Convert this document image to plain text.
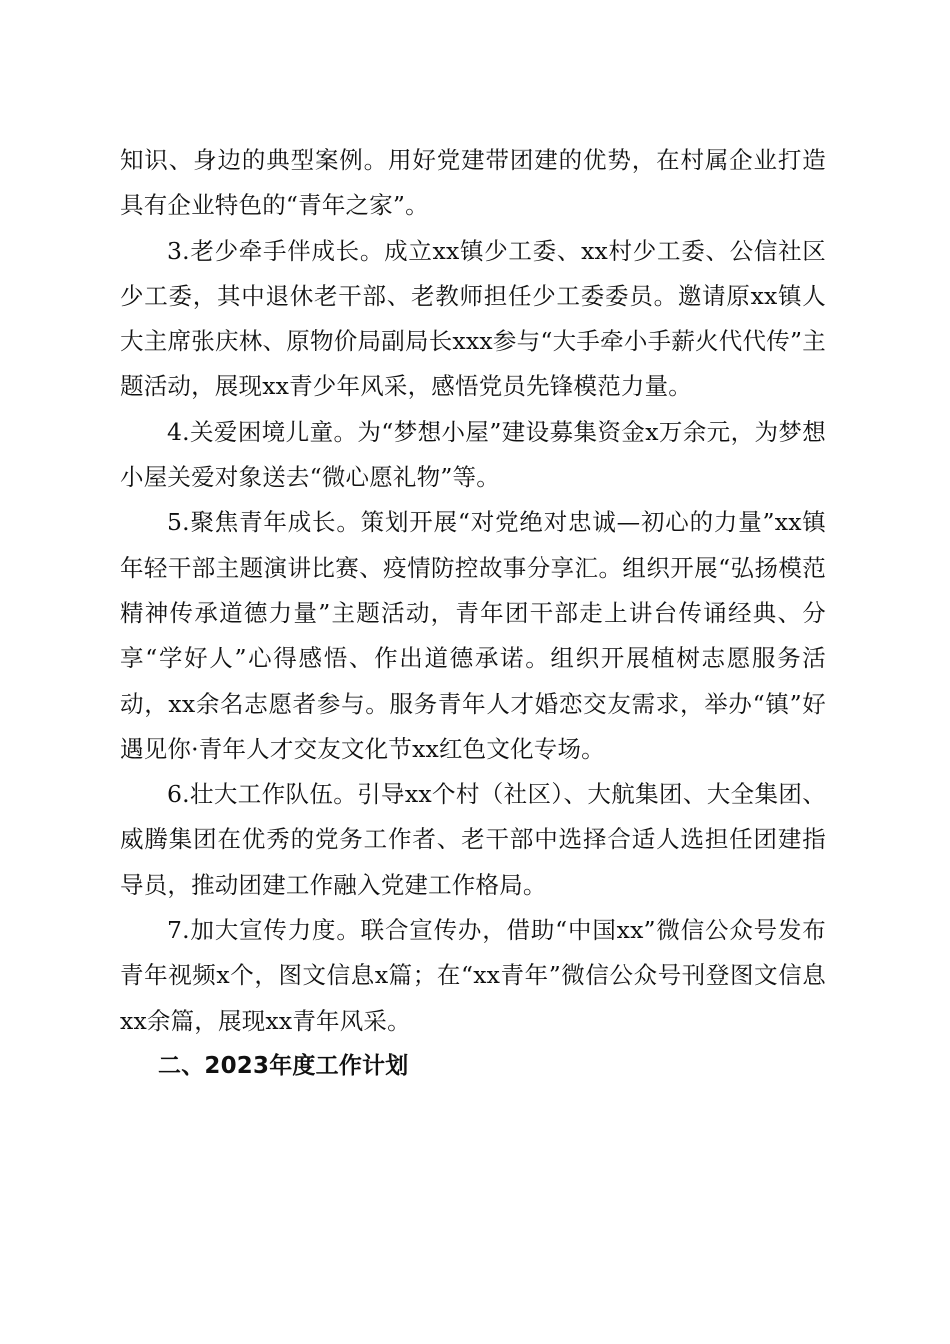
知识、身边的典型案例。用好党建带团建的优势，在村属企业打造具有企业特色的“青年之家”。

3.老少牵手伴成长。成立xx镇少工委、xx村少工委、公信社区少工委，其中退休老干部、老教师担任少工委委员。邀请原xx镇人大主席张庆林、原物价局副局长xxx参与“大手牵小手薪火代代传”主题活动，展现xx青少年风采，感悟党员先锋模范力量。

4.关爱困境儿童。为“梦想小屋”建设募集资金x万余元，为梦想小屋关爱对象送去“微心愿礼物”等。

5.聚焦青年成长。策划开展“对党绝对忠诚—初心的力量”xx镇年轻干部主题演讲比赛、疫情防控故事分享汇。组织开展“弘扬模范精神传承道德力量”主题活动，青年团干部走上讲台传诵经典、分享“学好人”心得感悟、作出道德承诺。组织开展植树志愿服务活动，xx余名志愿者参与。服务青年人才婚恋交友需求，举办“镇”好遇见你·青年人才交友文化节xx红色文化专场。

6.壮大工作队伍。引导xx个村（社区）、大航集团、大全集团、威腾集团在优秀的党务工作者、老干部中选择合适人选担任团建指导员，推动团建工作融入党建工作格局。

7.加大宣传力度。联合宣传办，借助“中国xx”微信公众号发布青年视频x个，图文信息x篇；在“xx青年”微信公众号刊登图文信息xx余篇，展现xx青年风采。

二、2023年度工作计划
